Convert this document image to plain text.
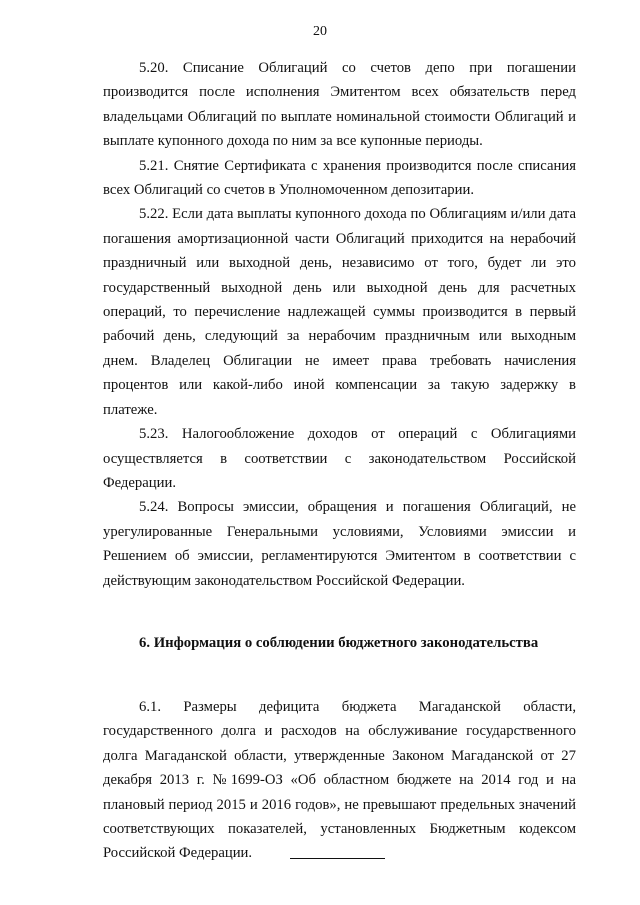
20

5.20. Списание Облигаций со счетов депо при погашении производится после исполнения Эмитентом всех обязательств перед владельцами Облигаций по выплате номинальной стоимости Облигаций и выплате купонного дохода по ним за все купонные периоды.

5.21. Снятие Сертификата с хранения производится после списания всех Облигаций со счетов в Уполномоченном депозитарии.

5.22. Если дата выплаты купонного дохода по Облигациям и/или дата погашения амортизационной части Облигаций приходится на нерабочий праздничный или выходной день, независимо от того, будет ли это государственный выходной день или выходной день для расчетных операций, то перечисление надлежащей суммы производится в первый рабочий день, следующий за нерабочим праздничным или выходным днем. Владелец Облигации не имеет права требовать начисления процентов или какой-либо иной компенсации за такую задержку в платеже.

5.23. Налогообложение доходов от операций с Облигациями осуществляется в соответствии с законодательством Российской Федерации.

5.24. Вопросы эмиссии, обращения и погашения Облигаций, не урегулированные Генеральными условиями, Условиями эмиссии и Решением об эмиссии, регламентируются Эмитентом в соответствии с действующим законодательством Российской Федерации.

6. Информация о соблюдении бюджетного законодательства

6.1. Размеры дефицита бюджета Магаданской области, государственного долга и расходов на обслуживание государственного долга Магаданской области, утвержденные Законом Магаданской от 27 декабря 2013 г. №1699-ОЗ «Об областном бюджете на 2014 год и на плановый период 2015 и 2016 годов», не превышают предельных значений соответствующих показателей, установленных Бюджетным кодексом Российской Федерации.
